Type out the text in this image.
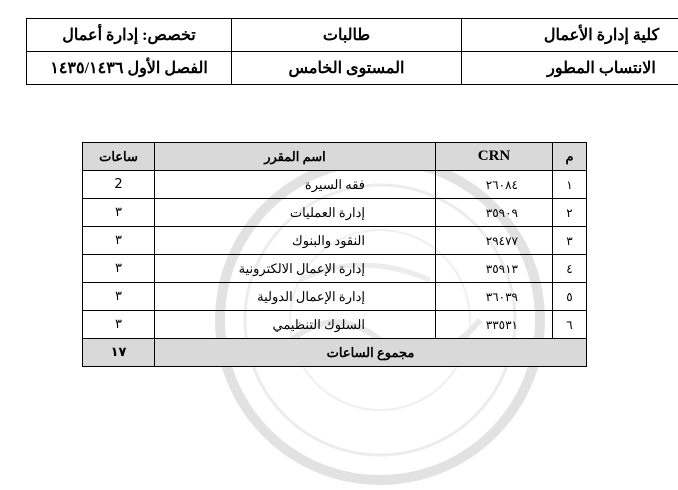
كلية إدارة الأعمال	طالبات	تخصص: إدارة أعمال
الانتساب المطور	المستوى الخامس	الفصل الأول ١٤٣٥/١٤٣٦
م	CRN	اسم المقرر	ساعات
١	٢٦٠٨٤	فقه السيرة	2
٢	٣٥٩٠٩	إدارة العمليات	٣
٣	٢٩٤٧٧	النقود والبنوك	٣
٤	٣٥٩١٣	إدارة الإعمال الالكترونية	٣
٥	٣٦٠٣٩	إدارة الإعمال الدولية	٣
٦	٣٣٥٣١	السلوك التنظيمي	٣
مجموع الساعات			١٧
